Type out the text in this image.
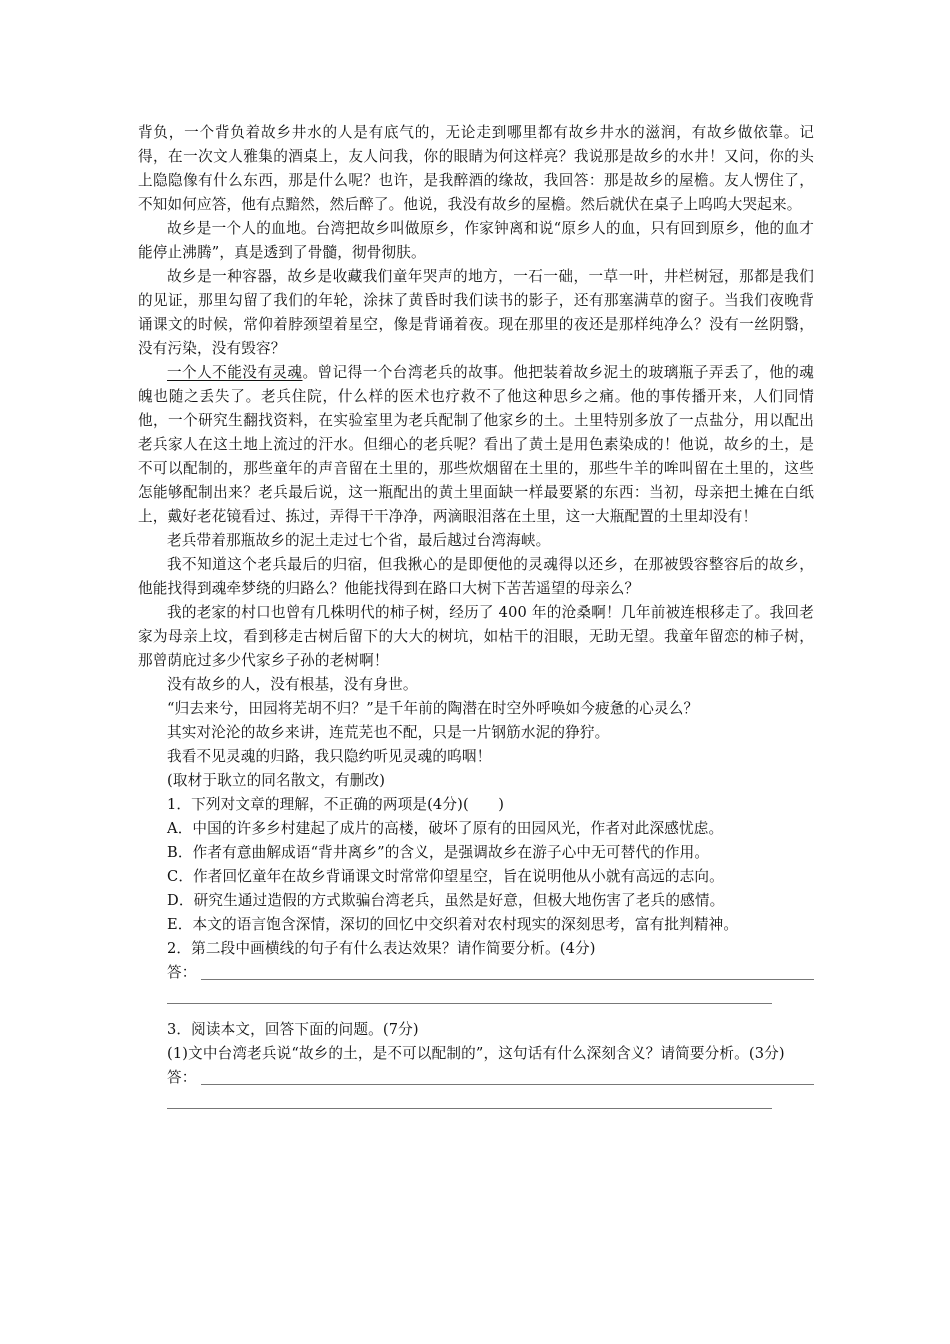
背负，一个背负着故乡井水的人是有底气的，无论走到哪里都有故乡井水的滋润，有故乡做依靠。记得，在一次文人雅集的酒桌上，友人问我，你的眼睛为何这样亮？我说那是故乡的水井！又问，你的头上隐隐像有什么东西，那是什么呢？也许，是我醉酒的缘故，我回答：那是故乡的屋檐。友人愣住了，不知如何应答，他有点黯然，然后醉了。他说，我没有故乡的屋檐。然后就伏在桌子上呜呜大哭起来。

故乡是一个人的血地。台湾把故乡叫做原乡，作家钟离和说“原乡人的血，只有回到原乡，他的血才能停止沸腾”，真是透到了骨髓，彻骨彻肤。

故乡是一种容器，故乡是收藏我们童年哭声的地方，一石一础，一草一叶，井栏树冠，那都是我们的见证，那里勾留了我们的年轮，涂抹了黄昏时我们读书的影子，还有那塞满草的窗子。当我们夜晚背诵课文的时候，常仰着脖颈望着星空，像是背诵着夜。现在那里的夜还是那样纯净么？没有一丝阴翳，没有污染，没有毁容？

一个人不能没有灵魂。曾记得一个台湾老兵的故事。他把装着故乡泥土的玻璃瓶子弄丢了，他的魂魄也随之丢失了。老兵住院，什么样的医术也疗救不了他这种思乡之痛。他的事传播开来，人们同情他，一个研究生翻找资料，在实验室里为老兵配制了他家乡的土。土里特别多放了一点盐分，用以配出老兵家人在这土地上流过的汗水。但细心的老兵呢？看出了黄土是用色素染成的！他说，故乡的土，是不可以配制的，那些童年的声音留在土里的，那些炊烟留在土里的，那些牛羊的哞叫留在土里的，这些怎能够配制出来？老兵最后说，这一瓶配出的黄土里面缺一样最要紧的东西：当初，母亲把土摊在白纸上，戴好老花镜看过、拣过，弄得干干净净，两滴眼泪落在土里，这一大瓶配置的土里却没有！

老兵带着那瓶故乡的泥土走过七个省，最后越过台湾海峡。

我不知道这个老兵最后的归宿，但我揪心的是即便他的灵魂得以还乡，在那被毁容整容后的故乡，他能找得到魂牵梦绕的归路么？他能找得到在路口大树下苦苦遥望的母亲么？

我的老家的村口也曾有几株明代的柿子树，经历了 400 年的沧桑啊！几年前被连根移走了。我回老家为母亲上坟，看到移走古树后留下的大大的树坑，如枯干的泪眼，无助无望。我童年留恋的柿子树，那曾荫庇过多少代家乡子孙的老树啊！

没有故乡的人，没有根基，没有身世。

“归去来兮，田园将芜胡不归？”是千年前的陶潜在时空外呼唤如今疲惫的心灵么？

其实对沦沦的故乡来讲，连荒芜也不配，只是一片钢筋水泥的狰狞。

我看不见灵魂的归路，我只隐约听见灵魂的呜咽！

(取材于耿立的同名散文，有删改)

1．下列对文章的理解，不正确的两项是(4分)(　　)

A．中国的许多乡村建起了成片的高楼，破坏了原有的田园风光，作者对此深感忧虑。

B．作者有意曲解成语“背井离乡”的含义，是强调故乡在游子心中无可替代的作用。

C．作者回忆童年在故乡背诵课文时常常仰望星空，旨在说明他从小就有高远的志向。

D．研究生通过造假的方式欺骗台湾老兵，虽然是好意，但极大地伤害了老兵的感情。

E．本文的语言饱含深情，深切的回忆中交织着对农村现实的深刻思考，富有批判精神。

2．第二段中画横线的句子有什么表达效果？请作简要分析。(4分)

答：

3．阅读本文，回答下面的问题。(7分)

(1)文中台湾老兵说“故乡的土，是不可以配制的”，这句话有什么深刻含义？请简要分析。(3分)

答：
